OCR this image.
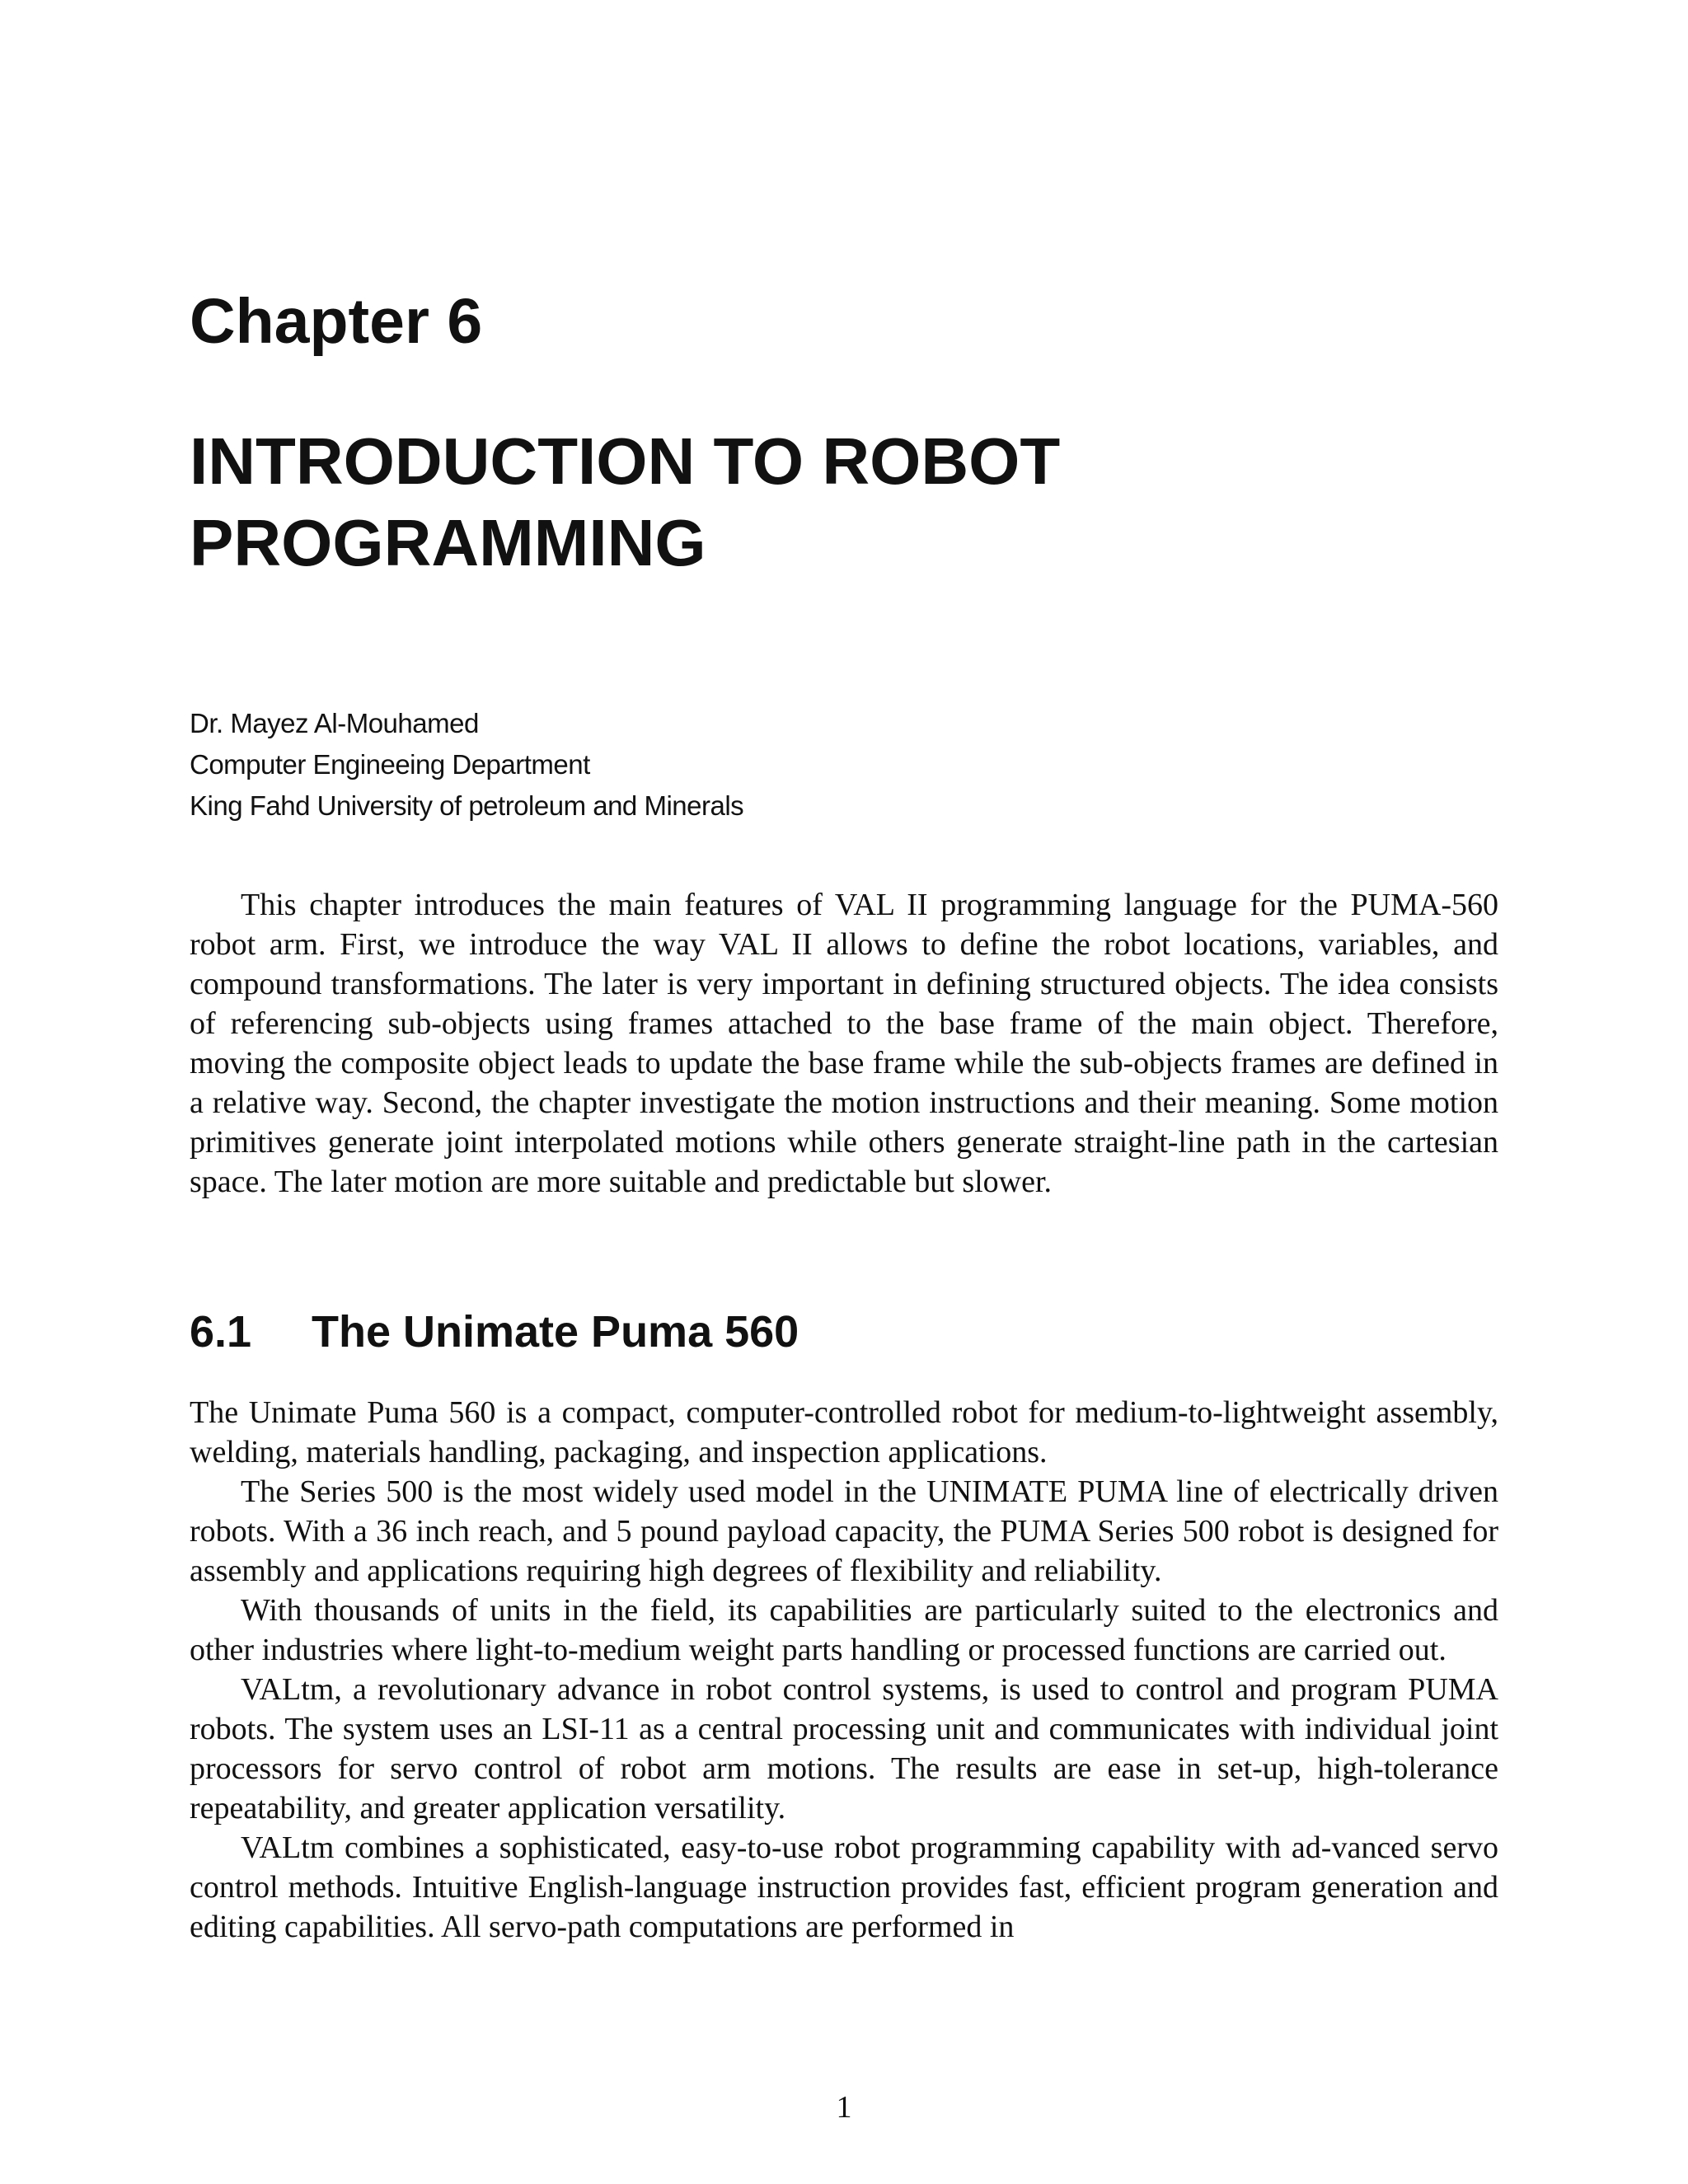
Chapter 6
INTRODUCTION TO ROBOT
PROGRAMMING
Dr. Mayez Al-Mouhamed
Computer Engineeing Department
King Fahd University of petroleum and Minerals

This chapter introduces the main features of VAL II programming language for the PUMA-560 robot arm. First, we introduce the way VAL II allows to define the robot locations, variables, and compound transformations. The later is very important in defining structured objects. The idea consists of referencing sub-objects using frames attached to the base frame of the main object. Therefore, moving the composite object leads to update the base frame while the sub-objects frames are defined in a relative way. Second, the chapter investigate the motion instructions and their meaning. Some motion primitives generate joint interpolated motions while others generate straight-line path in the cartesian space. The later motion are more suitable and predictable but slower.

6.1 The Unimate Puma 560

The Unimate Puma 560 is a compact, computer-controlled robot for medium-to-lightweight assembly, welding, materials handling, packaging, and inspection applications.

The Series 500 is the most widely used model in the UNIMATE PUMA line of electrically driven robots. With a 36 inch reach, and 5 pound payload capacity, the PUMA Series 500 robot is designed for assembly and applications requiring high degrees of flexibility and reliability.

With thousands of units in the field, its capabilities are particularly suited to the electronics and other industries where light-to-medium weight parts handling or processed functions are carried out.

VALtm, a revolutionary advance in robot control systems, is used to control and program PUMA robots. The system uses an LSI-11 as a central processing unit and communicates with individual joint processors for servo control of robot arm motions. The results are ease in set-up, high-tolerance repeatability, and greater application versatility.

VALtm combines a sophisticated, easy-to-use robot programming capability with ad-vanced servo control methods. Intuitive English-language instruction provides fast, efficient program generation and editing capabilities. All servo-path computations are performed in

1
